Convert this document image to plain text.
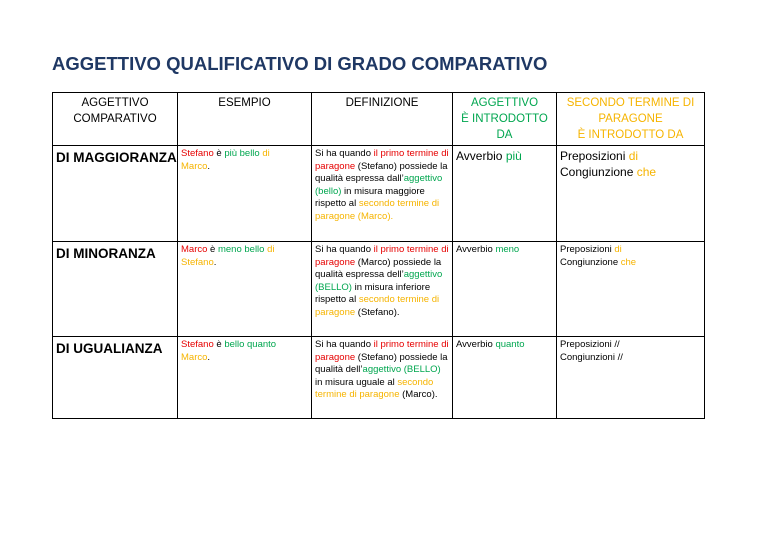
AGGETTIVO QUALIFICATIVO DI GRADO COMPARATIVO
AGGETTIVO COMPARATIVO	ESEMPIO	DEFINIZIONE	AGGETTIVO
È INTRODOTTO
DA	SECONDO TERMINE DI
PARAGONE
È INTRODOTTO DA
DI MAGGIORANZA	Stefano è più bello di
Marco.	Si ha quando il primo termine di paragone (Stefano) possiede la qualità espressa dall’aggettivo (bello) in misura maggiore rispetto al secondo termine di paragone (Marco).	Avverbio più	Preposizioni di
Congiunzione che
DI MINORANZA	Marco è meno bello di
Stefano.	Si ha quando il primo termine di paragone (Marco) possiede la qualità espressa dell’aggettivo (BELLO) in misura inferiore rispetto al secondo termine di paragone (Stefano).	Avverbio meno	Preposizioni di
Congiunzione che
DI UGUALIANZA	Stefano è bello quanto
Marco.	Si ha quando il primo termine di paragone (Stefano) possiede la qualità dell’aggettivo (BELLO) in misura uguale al secondo termine di paragone (Marco).	Avverbio quanto	Preposizioni //
Congiunzioni //
